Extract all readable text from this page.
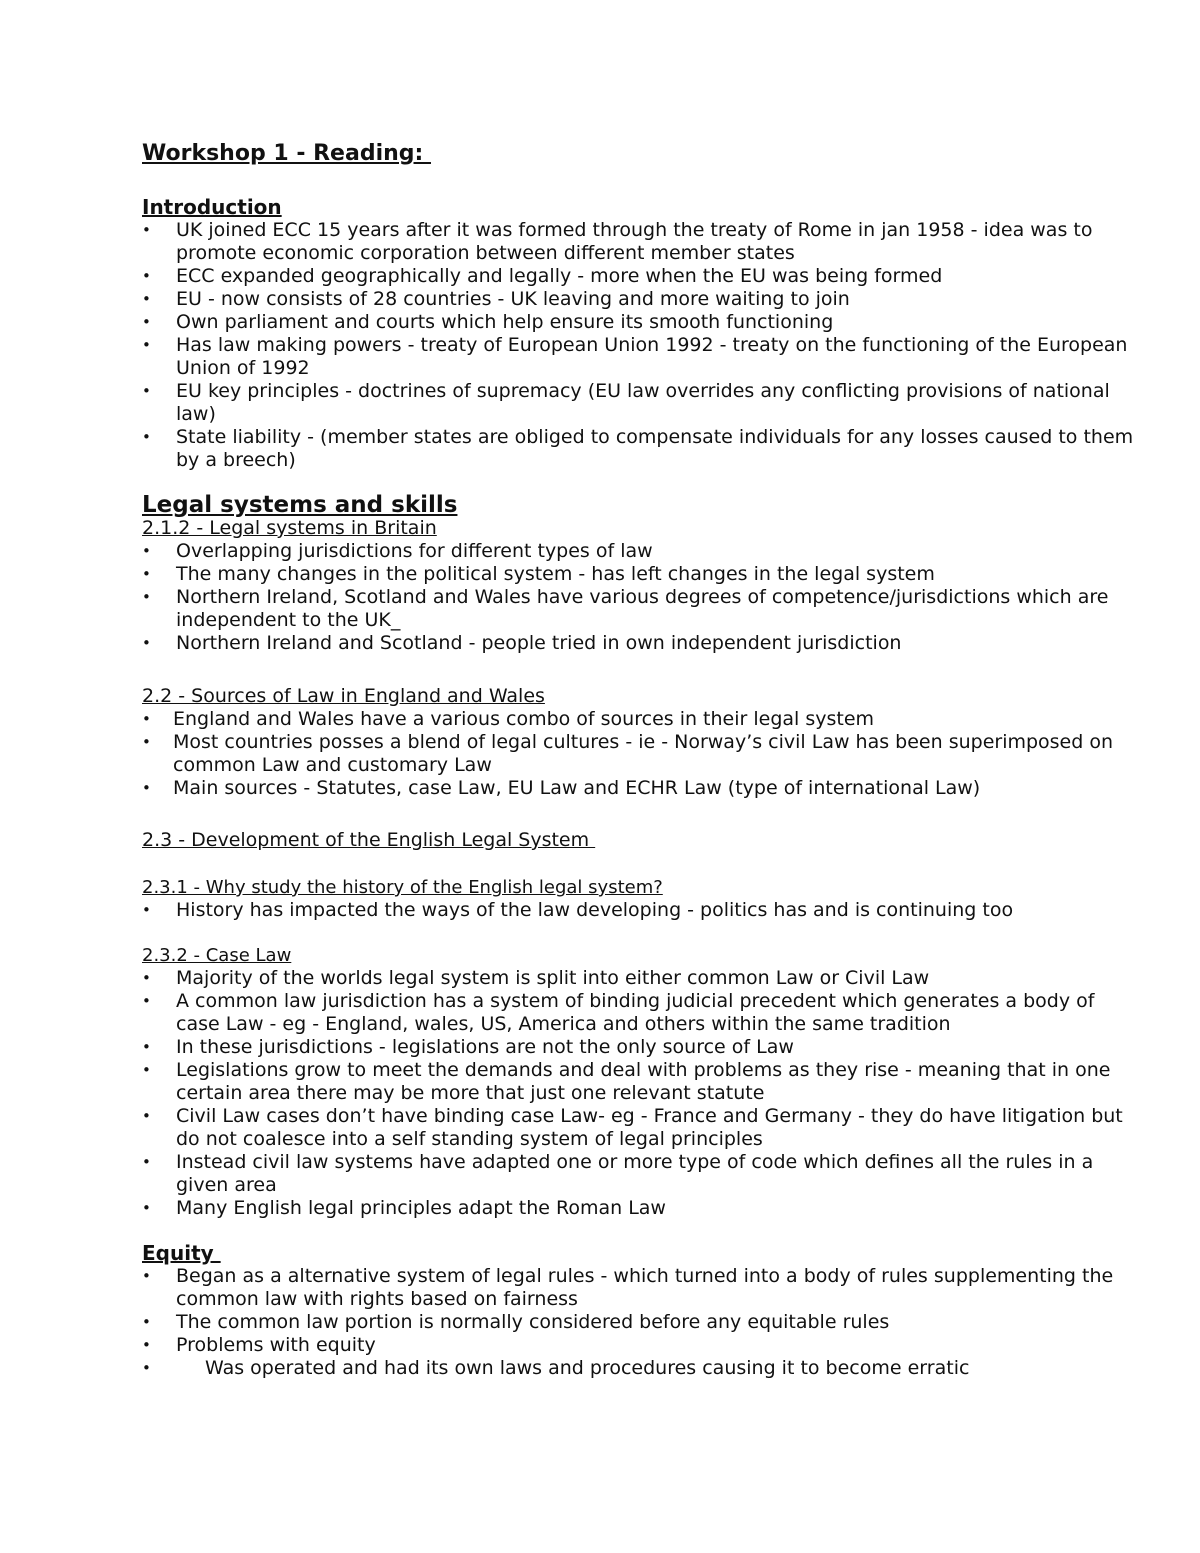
Workshop 1 - Reading:
Introduction
• UK joined ECC 15 years after it was formed through the treaty of Rome in jan 1958 - idea was to promote economic corporation between different member states
• ECC expanded geographically and legally - more when the EU was being formed
• EU - now consists of 28 countries - UK leaving and more waiting to join
• Own parliament and courts which help ensure its smooth functioning
• Has law making powers - treaty of European Union 1992 - treaty on the functioning of the European Union of 1992
• EU key principles - doctrines of supremacy (EU law overrides any conflicting provisions of national law)
• State liability - (member states are obliged to compensate individuals for any losses caused to them by a breech)
Legal systems and skills
2.1.2 - Legal systems in Britain
• Overlapping jurisdictions for different types of law
• The many changes in the political system - has left changes in the legal system
• Northern Ireland, Scotland and Wales have various degrees of competence/jurisdictions which are independent to the UK_
• Northern Ireland and Scotland - people tried in own independent jurisdiction
2.2 - Sources of Law in England and Wales
• England and Wales have a various combo of sources in their legal system
• Most countries posses a blend of legal cultures - ie - Norway’s civil Law has been superimposed on common Law and customary Law
• Main sources - Statutes, case Law, EU Law and ECHR Law (type of international Law)
2.3 - Development of the English Legal System
2.3.1 - Why study the history of the English legal system?
• History has impacted the ways of the law developing - politics has and is continuing too
2.3.2 - Case Law
• Majority of the worlds legal system is split into either common Law or Civil Law
• A common law jurisdiction has a system of binding judicial precedent which generates a body of case Law - eg - England, wales, US, America and others within the same tradition
• In these jurisdictions - legislations are not the only source of Law
• Legislations grow to meet the demands and deal with problems as they rise - meaning that in one certain area there may be more that just one relevant statute
• Civil Law cases don’t have binding case Law- eg - France and Germany - they do have litigation but do not coalesce into a self standing system of legal principles
• Instead civil law systems have adapted one or more type of code which defines all the rules in a given area
• Many English legal principles adapt the Roman Law
Equity
• Began as a alternative system of legal rules - which turned into a body of rules supplementing the common law with rights based on fairness
• The common law portion is normally considered before any equitable rules
• Problems with equity
• Was operated and had its own laws and procedures causing it to become erratic
